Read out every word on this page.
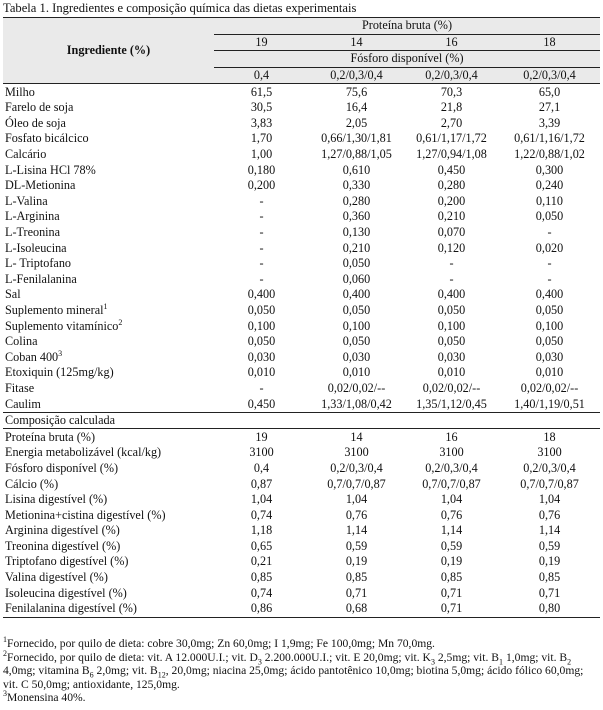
Tabela 1. Ingredientes e composição química das dietas experimentais
Ingrediente (%)	Proteína bruta (%)			
	19	14	16	18
	Fósforo disponível (%)			
	0,4	0,2/0,3/0,4	0,2/0,3/0,4	0,2/0,3/0,4
Milho	61,5	75,6	70,3	65,0
Farelo de soja	30,5	16,4	21,8	27,1
Óleo de soja	3,83	2,05	2,70	3,39
Fosfato bicálcico	1,70	0,66/1,30/1,81	0,61/1,17/1,72	0,61/1,16/1,72
Calcário	1,00	1,27/0,88/1,05	1,27/0,94/1,08	1,22/0,88/1,02
L-Lisina HCl 78%	0,180	0,610	0,450	0,300
DL-Metionina	0,200	0,330	0,280	0,240
L-Valina	-	0,280	0,200	0,110
L-Arginina	-	0,360	0,210	0,050
L-Treonina	-	0,130	0,070	-
L-Isoleucina	-	0,210	0,120	0,020
L- Triptofano	-	0,050	-	-
L-Fenilalanina	-	0,060	-	-
Sal	0,400	0,400	0,400	0,400
Suplemento mineral$^1$	0,050	0,050	0,050	0,050
Suplemento vitamínico$^2$	0,100	0,100	0,100	0,100
Colina	0,050	0,050	0,050	0,050
Coban $400^3$	0,030	0,030	0,030	0,030
Etoxiquin (125mg/kg)	0,010	0,010	0,010	0,010
Fitase	-	0,02/0,02/--	0,02/0,02/--	0,02/0,02/--
Caulim	0,450	1,33/1,08/0,42	1,35/1,12/0,45	1,40/1,19/0,51
Composição calculada				
Proteína bruta (%)	19	14	16	18
Energia metabolizável (kcal/kg)	3100	3100	3100	3100
Fósforo disponível (%)	0,4	0,2/0,3/0,4	0,2/0,3/0,4	0,2/0,3/0,4
Cálcio (%)	0,87	0,7/0,7/0,87	0,7/0,7/0,87	0,7/0,7/0,87
Lisina digestível (%)	1,04	1,04	1,04	1,04
Metionina+cistina digestível (%)	0,74	0,76	0,76	0,76
Arginina digestível (%)	1,18	1,14	1,14	1,14
Treonina digestível (%)	0,65	0,59	0,59	0,59
Triptofano digestível (%)	0,21	0,19	0,19	0,19
Valina digestível (%)	0,85	0,85	0,85	0,85
Isoleucina digestível (%)	0,74	0,71	0,71	0,71
Fenilalanina digestível (%)	0,86	0,68	0,71	0,80
$^1$Fornecido, por quilo de dieta: cobre 30,0mg; Zn 60,0mg; I 1,9mg; Fe 100,0mg; Mn 70,0mg.
$^2$Fornecido, por quilo de dieta: vit. A 12.000U.I.; vit. $D_3$ 2.200.000U.I.; vit. E 20,0mg; vit. $K_3$ 2,5mg; vit. $B_1$ 1,0mg; vit. $B_2$ 4,0mg; vitamina $B_6$ 2,0mg; vit. $B_{12}$, 20,0mg; niacina 25,0mg; ácido pantotênico 10,0mg; biotina 5,0mg; ácido fólico 60,0mg; vit. C 50,0mg; antioxidante, 125,0mg.
$^3$Monensina 40%.
